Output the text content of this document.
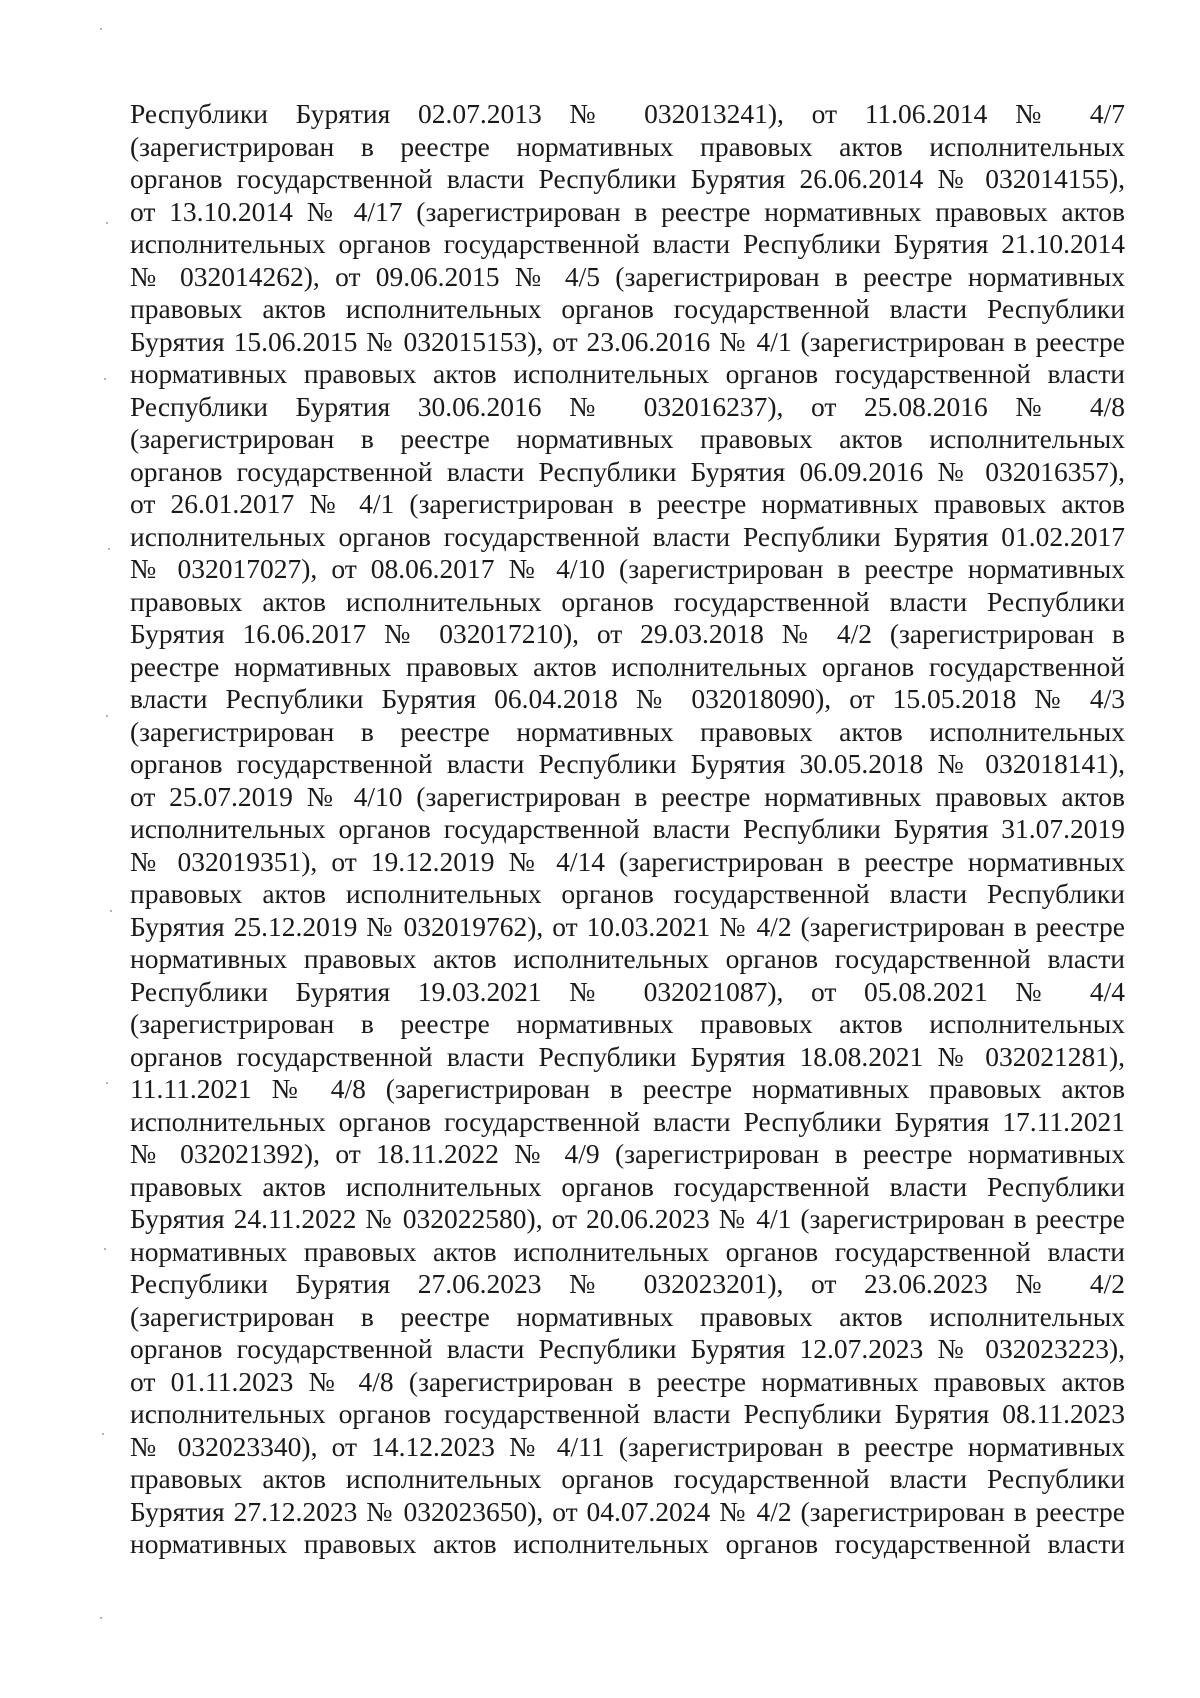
Республики Бурятия 02.07.2013 № 032013241), от 11.06.2014 № 4/7
(зарегистрирован в реестре нормативных правовых актов исполнительных
органов государственной власти Республики Бурятия 26.06.2014 № 032014155),
от 13.10.2014 № 4/17 (зарегистрирован в реестре нормативных правовых актов
исполнительных органов государственной власти Республики Бурятия 21.10.2014
№ 032014262), от 09.06.2015 № 4/5 (зарегистрирован в реестре нормативных
правовых актов исполнительных органов государственной власти Республики
Бурятия 15.06.2015 № 032015153), от 23.06.2016 № 4/1 (зарегистрирован в реестре
нормативных правовых актов исполнительных органов государственной власти
Республики Бурятия 30.06.2016 № 032016237), от 25.08.2016 № 4/8
(зарегистрирован в реестре нормативных правовых актов исполнительных
органов государственной власти Республики Бурятия 06.09.2016 № 032016357),
от 26.01.2017 № 4/1 (зарегистрирован в реестре нормативных правовых актов
исполнительных органов государственной власти Республики Бурятия 01.02.2017
№ 032017027), от 08.06.2017 № 4/10 (зарегистрирован в реестре нормативных
правовых актов исполнительных органов государственной власти Республики
Бурятия 16.06.2017 № 032017210), от 29.03.2018 № 4/2 (зарегистрирован в
реестре нормативных правовых актов исполнительных органов государственной
власти Республики Бурятия 06.04.2018 № 032018090), от 15.05.2018 № 4/3
(зарегистрирован в реестре нормативных правовых актов исполнительных
органов государственной власти Республики Бурятия 30.05.2018 № 032018141),
от 25.07.2019 № 4/10 (зарегистрирован в реестре нормативных правовых актов
исполнительных органов государственной власти Республики Бурятия 31.07.2019
№ 032019351), от 19.12.2019 № 4/14 (зарегистрирован в реестре нормативных
правовых актов исполнительных органов государственной власти Республики
Бурятия 25.12.2019 № 032019762), от 10.03.2021 № 4/2 (зарегистрирован в реестре
нормативных правовых актов исполнительных органов государственной власти
Республики Бурятия 19.03.2021 № 032021087), от 05.08.2021 № 4/4
(зарегистрирован в реестре нормативных правовых актов исполнительных
органов государственной власти Республики Бурятия 18.08.2021 № 032021281),
11.11.2021 № 4/8 (зарегистрирован в реестре нормативных правовых актов
исполнительных органов государственной власти Республики Бурятия 17.11.2021
№ 032021392), от 18.11.2022 № 4/9 (зарегистрирован в реестре нормативных
правовых актов исполнительных органов государственной власти Республики
Бурятия 24.11.2022 № 032022580), от 20.06.2023 № 4/1 (зарегистрирован в реестре
нормативных правовых актов исполнительных органов государственной власти
Республики Бурятия 27.06.2023 № 032023201), от 23.06.2023 № 4/2
(зарегистрирован в реестре нормативных правовых актов исполнительных
органов государственной власти Республики Бурятия 12.07.2023 № 032023223),
от 01.11.2023 № 4/8 (зарегистрирован в реестре нормативных правовых актов
исполнительных органов государственной власти Республики Бурятия 08.11.2023
№ 032023340), от 14.12.2023 № 4/11 (зарегистрирован в реестре нормативных
правовых актов исполнительных органов государственной власти Республики
Бурятия 27.12.2023 № 032023650), от 04.07.2024 № 4/2 (зарегистрирован в реестре
нормативных правовых актов исполнительных органов государственной власти
